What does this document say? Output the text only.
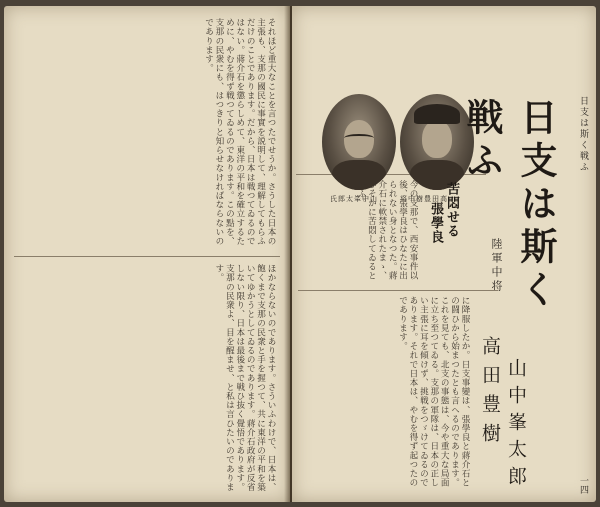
それほど重大なことを言つたでせうか。さうした日本の主張も、支那の國民に事實を説明して、理解してもらふだけのことであります。だから、日本は戦つてゐるのではない。蔣介石を懲らしめて、東洋の平和を確立するために、やむを得ず戦つてゐるのであります。この點を、支那の民衆にも、はつきりと知らせなければならないのであります。
ほかならないのであります。さういふわけで、日本は、飽くまで支那の民衆と手を握つて、共に東洋の平和を築いてゆかうとしてゐるのであります。蔣介石政府が反省しない限り、日本は最後まで戦ひ抜く覺悟であります。支那の民衆よ、目を醒ませ、と私は言ひたいのであります。
日支は斯く戦ふ
一四
氏郎太峯中山	将中樹豊田高 日支は斯く戦ふ
陸軍中将
高田豊樹 山中峯太郎
苦悶せる
張學良
今の支那で、西安事件以後、張學良はひなたに出られない身となつた。蔣介石に軟禁されたまゝ、ひそかに苦悶してゐるといふ。
に降服したか。日支事變は、張學良と蔣介石との闘ひから始まつたとも言へるのであります。これを見ても、北支の事態は、今や重大な局面に立ち至つてゐる。支那の軍隊は、日本の正しい主張に耳を傾けず、挑戦をつゞけてゐるのであります。それで日本は、やむを得ず起つたのであります。
